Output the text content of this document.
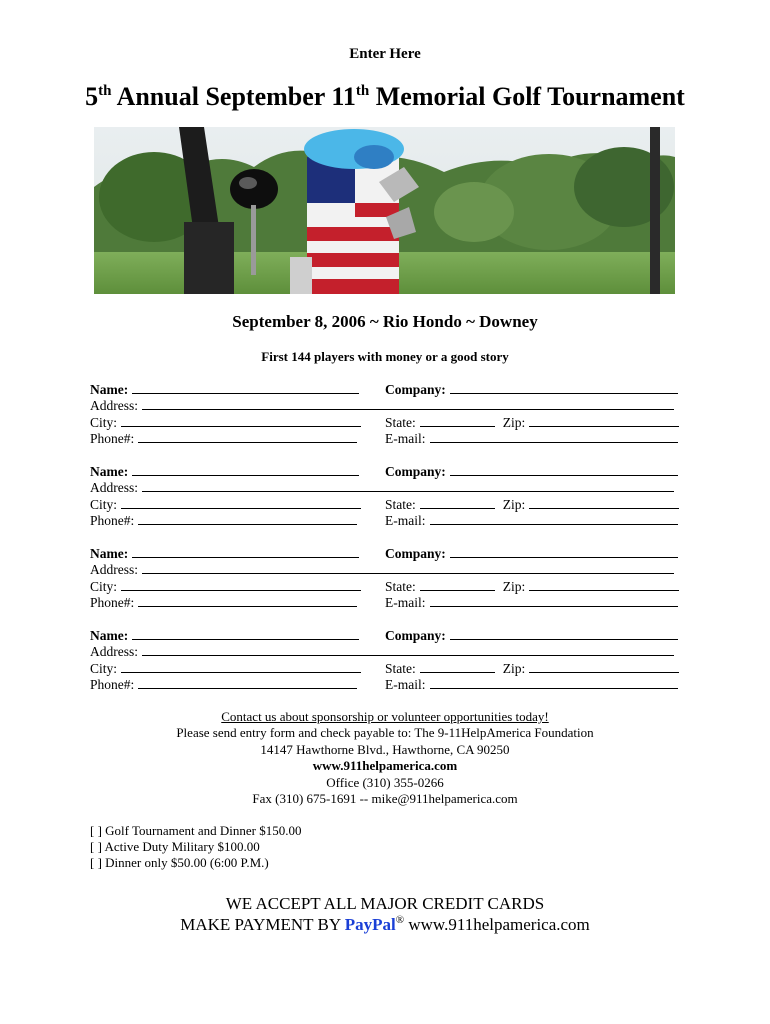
Enter Here
5th Annual September 11th Memorial Golf Tournament
September 8, 2006 ~ Rio Hondo ~ Downey
First 144 players with money or a good story
Name:	Company:
Address:
City:	State:	Zip:
Phone#:	E-mail:
Name:	Company:
Address:
City:	State:	Zip:
Phone#:	E-mail:
Name:	Company:
Address:
City:	State:	Zip:
Phone#:	E-mail:
Name:	Company:
Address:
City:	State:	Zip:
Phone#:	E-mail:
Contact us about sponsorship or volunteer opportunities today!
Please send entry form and check payable to: The 9-11HelpAmerica Foundation
14147 Hawthorne Blvd., Hawthorne, CA 90250
www.911helpamerica.com
Office (310) 355-0266
Fax (310) 675-1691 -- mike@911helpamerica.com
[ ] Golf Tournament and Dinner $150.00
[ ] Active Duty Military $100.00
[ ] Dinner only $50.00 (6:00 P.M.)
WE ACCEPT ALL MAJOR CREDIT CARDS
MAKE PAYMENT BY PayPal® www.911helpamerica.com
